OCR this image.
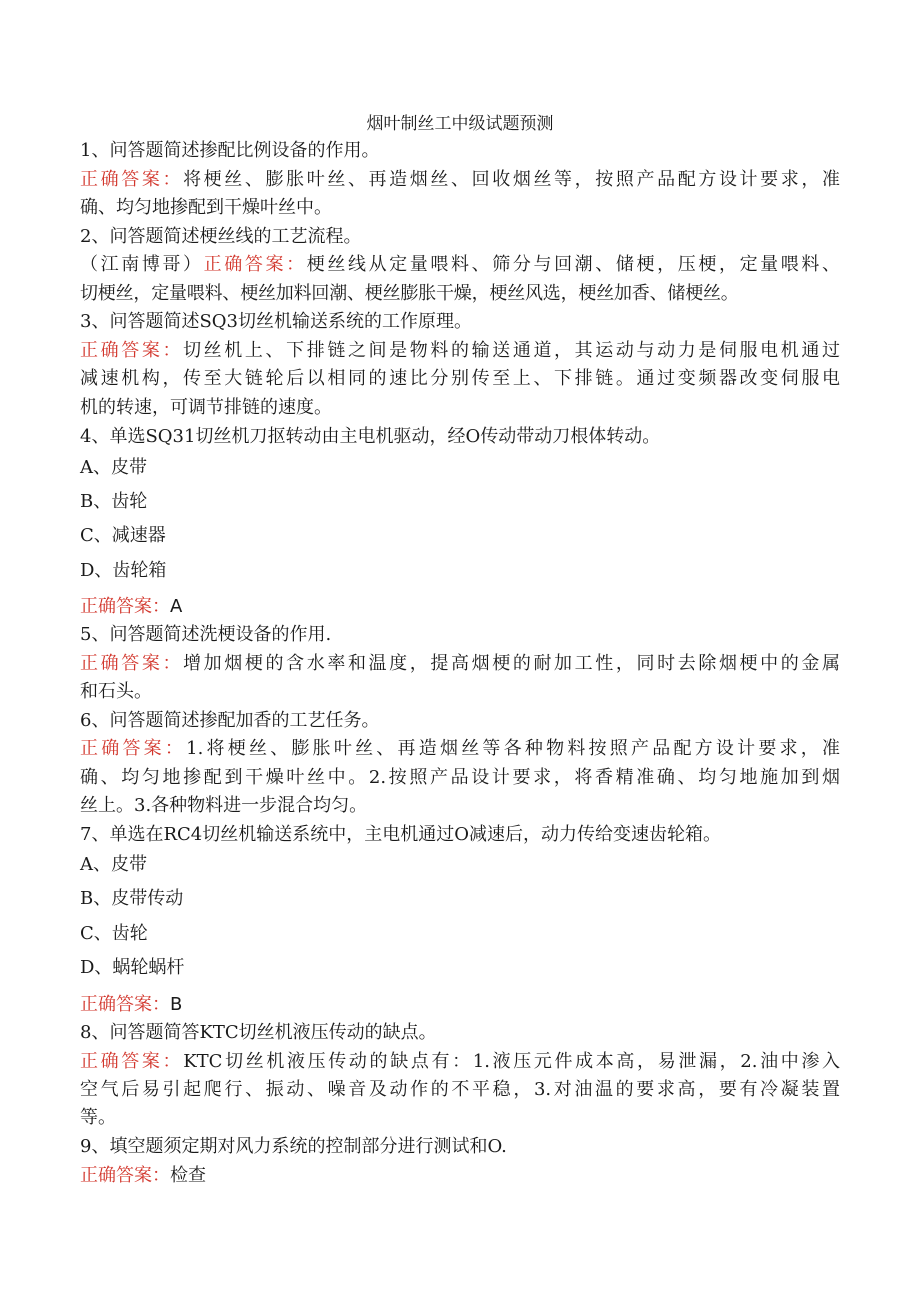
烟叶制丝工中级试题预测
1、问答题简述掺配比例设备的作用。
正确答案：将梗丝、膨胀叶丝、再造烟丝、回收烟丝等，按照产品配方设计要求，准
确、均匀地掺配到干燥叶丝中。
2、问答题简述梗丝线的工艺流程。
（江南博哥）正确答案：梗丝线从定量喂料、筛分与回潮、储梗，压梗，定量喂料、
切梗丝，定量喂料、梗丝加料回潮、梗丝膨胀干燥，梗丝风选，梗丝加香、储梗丝。
3、问答题简述SQ3切丝机输送系统的工作原理。
正确答案：切丝机上、下排链之间是物料的输送通道，其运动与动力是伺服电机通过
减速机构，传至大链轮后以相同的速比分别传至上、下排链。通过变频器改变伺服电
机的转速，可调节排链的速度。
4、单选SQ31切丝机刀抠转动由主电机驱动，经O传动带动刀根体转动。
A、皮带
B、齿轮
C、减速器
D、齿轮箱
正确答案：A
5、问答题简述洗梗设备的作用.
正确答案：增加烟梗的含水率和温度，提高烟梗的耐加工性，同时去除烟梗中的金属
和石头。
6、问答题简述掺配加香的工艺任务。
正确答案：1.将梗丝、膨胀叶丝、再造烟丝等各种物料按照产品配方设计要求，准
确、均匀地掺配到干燥叶丝中。2.按照产品设计要求，将香精准确、均匀地施加到烟
丝上。3.各种物料进一步混合均匀。
7、单选在RC4切丝机输送系统中，主电机通过O减速后，动力传给变速齿轮箱。
A、皮带
B、皮带传动
C、齿轮
D、蜗轮蜗杆
正确答案：B
8、问答题简答KTC切丝机液压传动的缺点。
正确答案：KTC切丝机液压传动的缺点有：1.液压元件成本高，易泄漏，2.油中渗入
空气后易引起爬行、振动、噪音及动作的不平稳，3.对油温的要求高，要有冷凝装置
等。
9、填空题须定期对风力系统的控制部分进行测试和O.
正确答案：检查
